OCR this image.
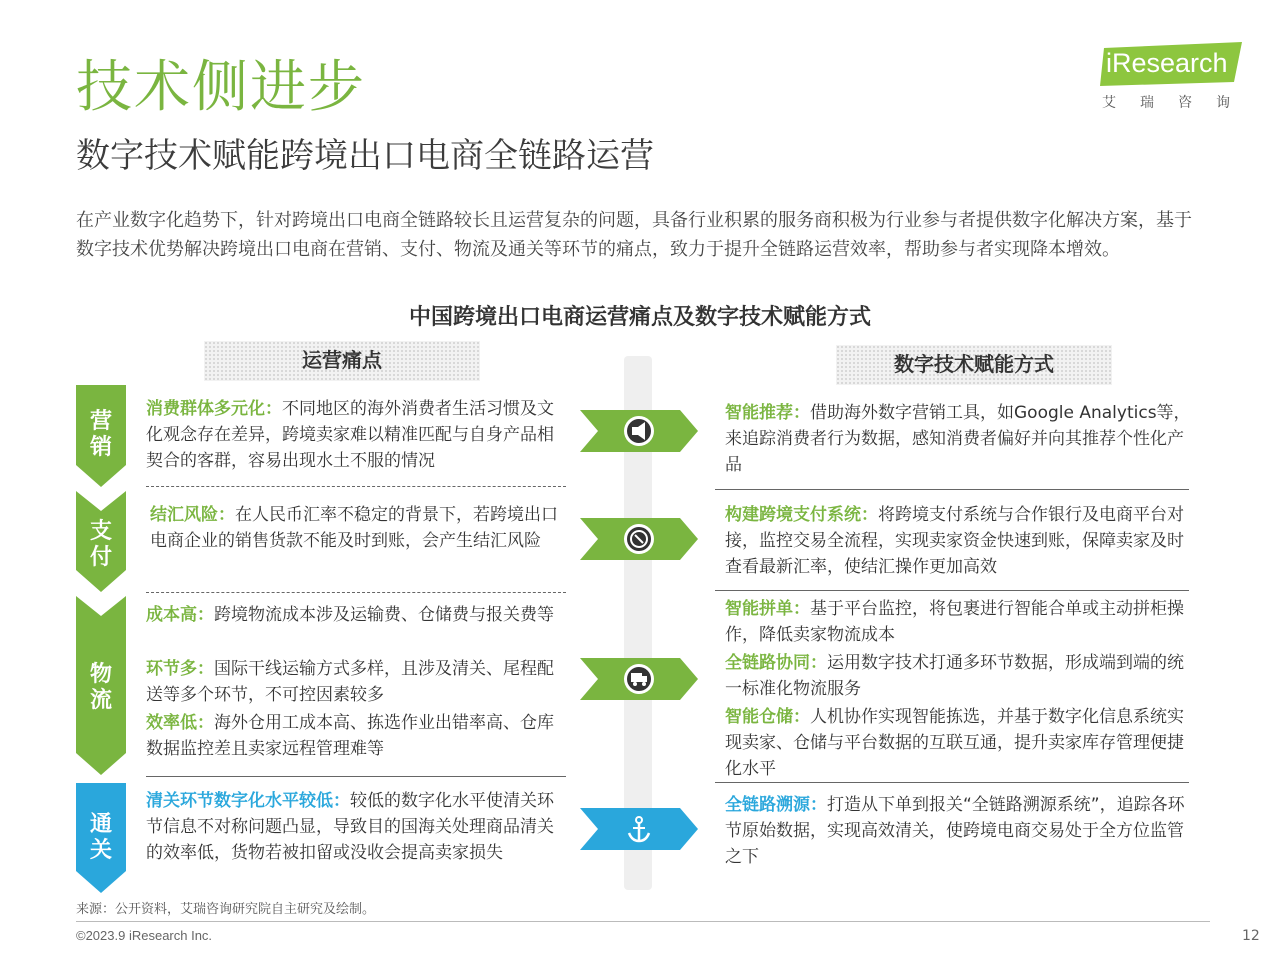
技术侧进步
数字技术赋能跨境出口电商全链路运营
iResearch
艾瑞咨询
在产业数字化趋势下，针对跨境出口电商全链路较长且运营复杂的问题，具备行业积累的服务商积极为行业参与者提供数字化解决方案，基于数字技术优势解决跨境出口电商在营销、支付、物流及通关等环节的痛点，致力于提升全链路运营效率，帮助参与者实现降本增效。
中国跨境出口电商运营痛点及数字技术赋能方式
运营痛点	数字技术赋能方式
营销
支付
物流
通关
消费群体多元化：不同地区的海外消费者生活习惯及文化观念存在差异，跨境卖家难以精准匹配与自身产品相契合的客群，容易出现水土不服的情况
结汇风险：在人民币汇率不稳定的背景下，若跨境出口电商企业的销售货款不能及时到账，会产生结汇风险
成本高：跨境物流成本涉及运输费、仓储费与报关费等
环节多：国际干线运输方式多样，且涉及清关、尾程配送等多个环节，不可控因素较多
效率低：海外仓用工成本高、拣选作业出错率高、仓库数据监控差且卖家远程管理难等
清关环节数字化水平较低：较低的数字化水平使清关环节信息不对称问题凸显，导致目的国海关处理商品清关的效率低，货物若被扣留或没收会提高卖家损失
智能推荐：借助海外数字营销工具，如Google Analytics等，来追踪消费者行为数据，感知消费者偏好并向其推荐个性化产品
构建跨境支付系统：将跨境支付系统与合作银行及电商平台对接，监控交易全流程，实现卖家资金快速到账，保障卖家及时查看最新汇率，使结汇操作更加高效
智能拼单：基于平台监控，将包裹进行智能合单或主动拼柜操作，降低卖家物流成本
全链路协同：运用数字技术打通多环节数据，形成端到端的统一标准化物流服务
智能仓储：人机协作实现智能拣选，并基于数字化信息系统实现卖家、仓储与平台数据的互联互通，提升卖家库存管理便捷化水平
全链路溯源：打造从下单到报关“全链路溯源系统”，追踪各环节原始数据，实现高效清关，使跨境电商交易处于全方位监管之下
来源：公开资料，艾瑞咨询研究院自主研究及绘制。
©2023.9 iResearch Inc.	12
